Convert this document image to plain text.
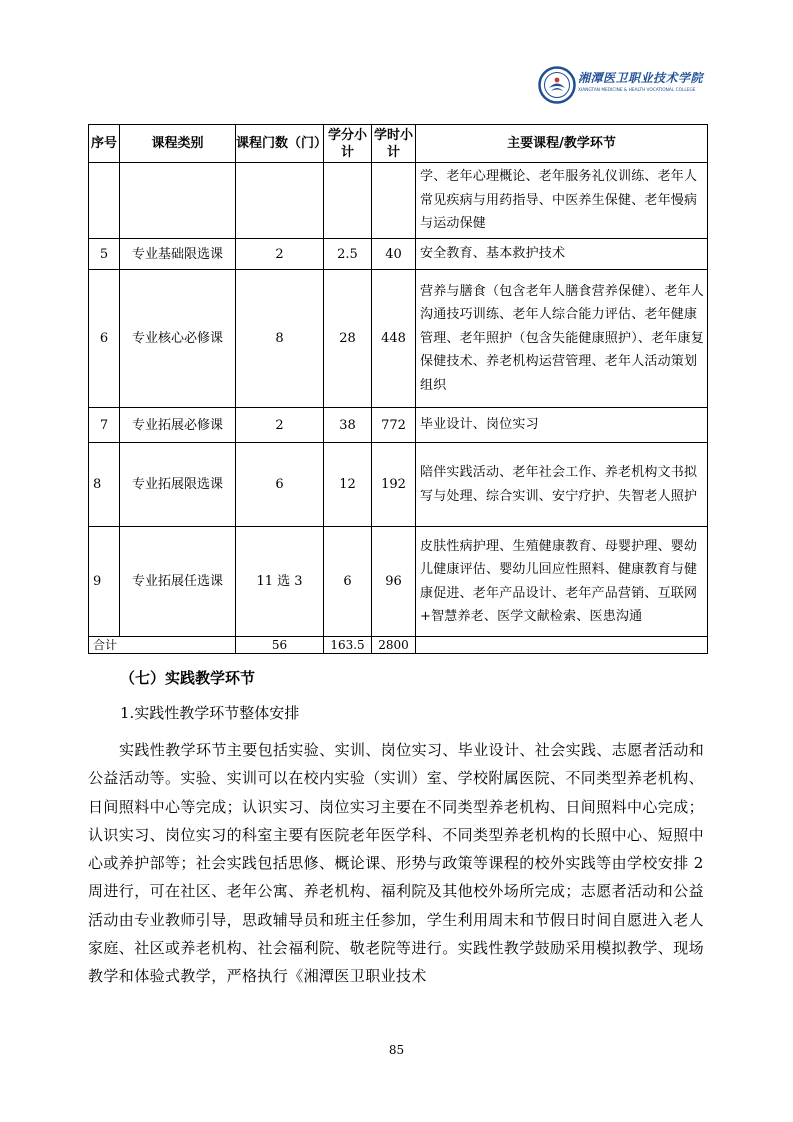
湘潭医卫职业技术学院
XIANGTAN MEDICINE & HEALTH VOCATIONAL COLLEGE
序号	课程类别	课程门数（门）	学分小计	学时小计	主要课程/教学环节
					学、老年心理概论、老年服务礼仪训练、老年人常见疾病与用药指导、中医养生保健、老年慢病与运动保健
5	专业基础限选课	2	2.5	40	安全教育、基本救护技术
6	专业核心必修课	8	28	448	营养与膳食（包含老年人膳食营养保健）、老年人沟通技巧训练、老年人综合能力评估、老年健康管理、老年照护（包含失能健康照护）、老年康复保健技术、养老机构运营管理、老年人活动策划组织
7	专业拓展必修课	2	38	772	毕业设计、岗位实习
8	专业拓展限选课	6	12	192	陪伴实践活动、老年社会工作、养老机构文书拟写与处理、综合实训、安宁疗护、失智老人照护
9	专业拓展任选课	11 选 3	6	96	皮肤性病护理、生殖健康教育、母婴护理、婴幼儿健康评估、婴幼儿回应性照料、健康教育与健康促进、老年产品设计、老年产品营销、互联网+智慧养老、医学文献检索、医患沟通
合计		56	163.5	2800	
（七）实践教学环节
1.实践性教学环节整体安排
实践性教学环节主要包括实验、实训、岗位实习、毕业设计、社会实践、志愿者活动和公益活动等。实验、实训可以在校内实验（实训）室、学校附属医院、不同类型养老机构、日间照料中心等完成；认识实习、岗位实习主要在不同类型养老机构、日间照料中心完成；认识实习、岗位实习的科室主要有医院老年医学科、不同类型养老机构的长照中心、短照中心或养护部等；社会实践包括思修、概论课、形势与政策等课程的校外实践等由学校安排 2 周进行，可在社区、老年公寓、养老机构、福利院及其他校外场所完成；志愿者活动和公益活动由专业教师引导，思政辅导员和班主任参加，学生利用周末和节假日时间自愿进入老人家庭、社区或养老机构、社会福利院、敬老院等进行。实践性教学鼓励采用模拟教学、现场教学和体验式教学，严格执行《湘潭医卫职业技术
85
